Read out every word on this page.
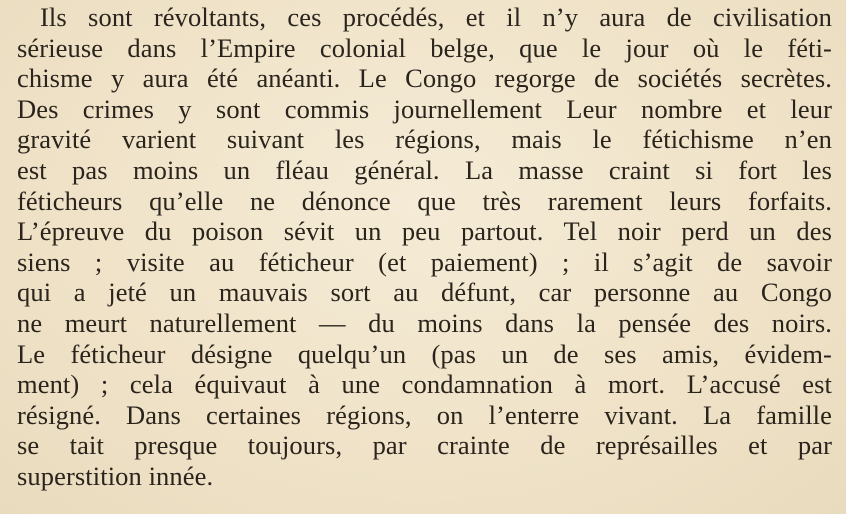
Ils sont révoltants, ces procédés, et il n’y aura de civilisation
sérieuse dans l’Empire colonial belge, que le jour où le féti-
chisme y aura été anéanti. Le Congo regorge de sociétés secrètes.
Des crimes y sont commis journellement Leur nombre et leur
gravité varient suivant les régions, mais le fétichisme n’en
est pas moins un fléau général. La masse craint si fort les
féticheurs qu’elle ne dénonce que très rarement leurs forfaits.
L’épreuve du poison sévit un peu partout. Tel noir perd un des
siens ; visite au féticheur (et paiement) ; il s’agit de savoir
qui a jeté un mauvais sort au défunt, car personne au Congo
ne meurt naturellement — du moins dans la pensée des noirs.
Le féticheur désigne quelqu’un (pas un de ses amis, évidem-
ment) ; cela équivaut à une condamnation à mort. L’accusé est
résigné. Dans certaines régions, on l’enterre vivant. La famille
se tait presque toujours, par crainte de représailles et par
superstition innée.
